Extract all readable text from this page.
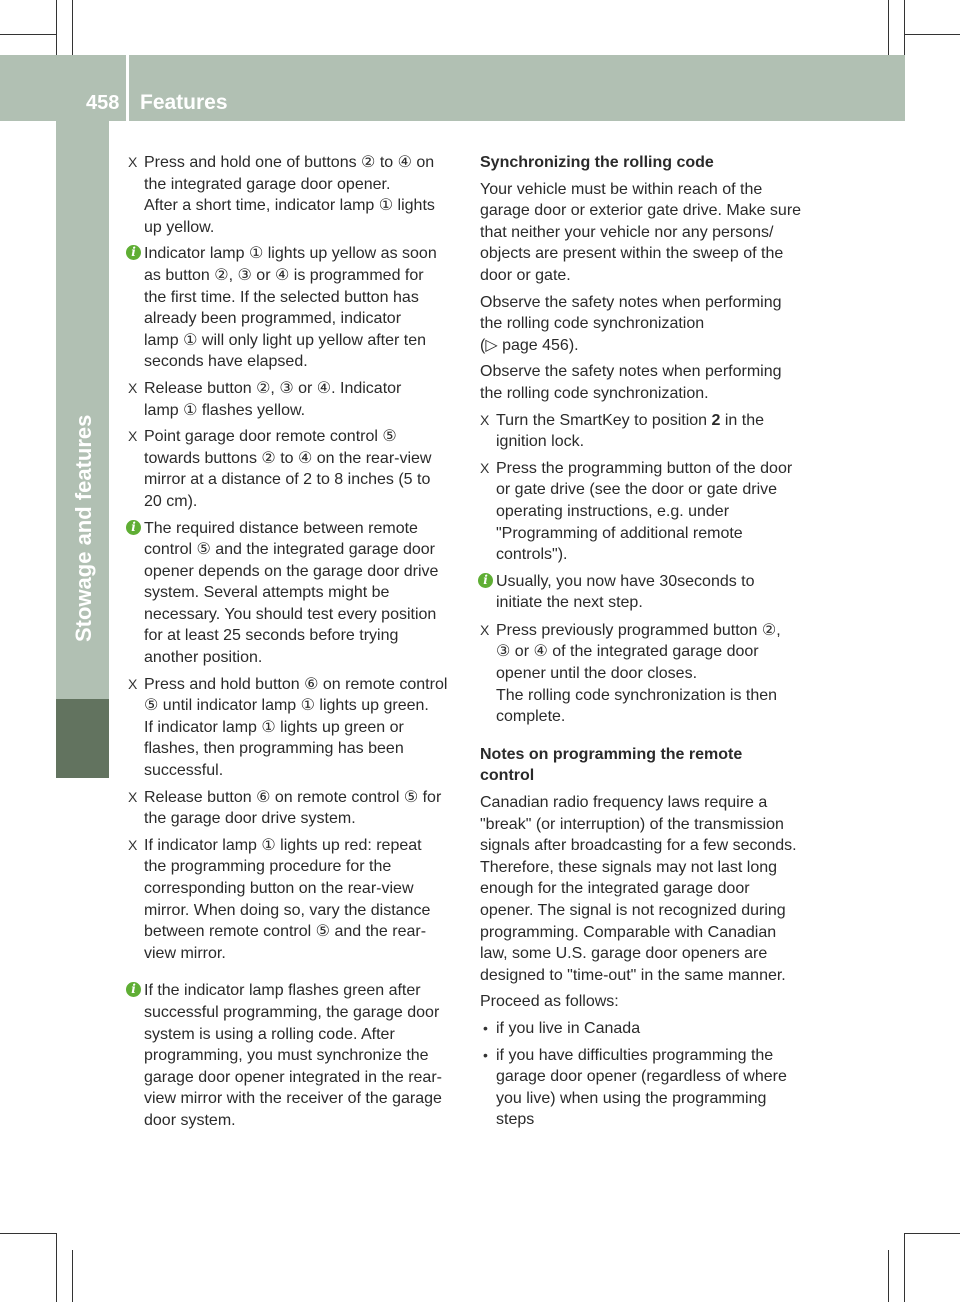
458 Features
Stowage and features
X Press and hold one of buttons ② to ④ on
the integrated garage door opener.
After a short time, indicator lamp ① lights
up yellow.
i Indicator lamp ① lights up yellow as soon
as button ②, ③ or ④ is programmed for
the first time. If the selected button has
already been programmed, indicator
lamp ① will only light up yellow after ten
seconds have elapsed.
X Release button ②, ③ or ④. Indicator
lamp ① flashes yellow.
X Point garage door remote control ⑤
towards buttons ② to ④ on the rear-view
mirror at a distance of 2 to 8 inches (5 to
20 cm).
i The required distance between remote
control ⑤ and the integrated garage door
opener depends on the garage door drive
system. Several attempts might be
necessary. You should test every position
for at least 25 seconds before trying
another position.
X Press and hold button ⑥ on remote control
⑤ until indicator lamp ① lights up green.
If indicator lamp ① lights up green or
flashes, then programming has been
successful.
X Release button ⑥ on remote control ⑤ for
the garage door drive system.
X If indicator lamp ① lights up red: repeat
the programming procedure for the
corresponding button on the rear-view
mirror. When doing so, vary the distance
between remote control ⑤ and the rear-
view mirror.
i If the indicator lamp flashes green after
successful programming, the garage door
system is using a rolling code. After
programming, you must synchronize the
garage door opener integrated in the rear-
view mirror with the receiver of the garage
door system.

Synchronizing the rolling code

Your vehicle must be within reach of the
garage door or exterior gate drive. Make sure
that neither your vehicle nor any persons/
objects are present within the sweep of the
door or gate.
Observe the safety notes when performing
the rolling code synchronization
(▷ page 456).
Observe the safety notes when performing
the rolling code synchronization.
X Turn the SmartKey to position 2 in the
ignition lock.
X Press the programming button of the door
or gate drive (see the door or gate drive
operating instructions, e.g. under
"Programming of additional remote
controls").
i Usually, you now have 30seconds to
initiate the next step.
X Press previously programmed button ②,
③ or ④ of the integrated garage door
opener until the door closes.
The rolling code synchronization is then
complete.
Notes on programming the remote
control
Canadian radio frequency laws require a
"break" (or interruption) of the transmission
signals after broadcasting for a few seconds.
Therefore, these signals may not last long
enough for the integrated garage door
opener. The signal is not recognized during
programming. Comparable with Canadian
law, some U.S. garage door openers are
designed to "time-out" in the same manner.
Proceed as follows:
• if you live in Canada
• if you have difficulties programming the
garage door opener (regardless of where
you live) when using the programming
steps
